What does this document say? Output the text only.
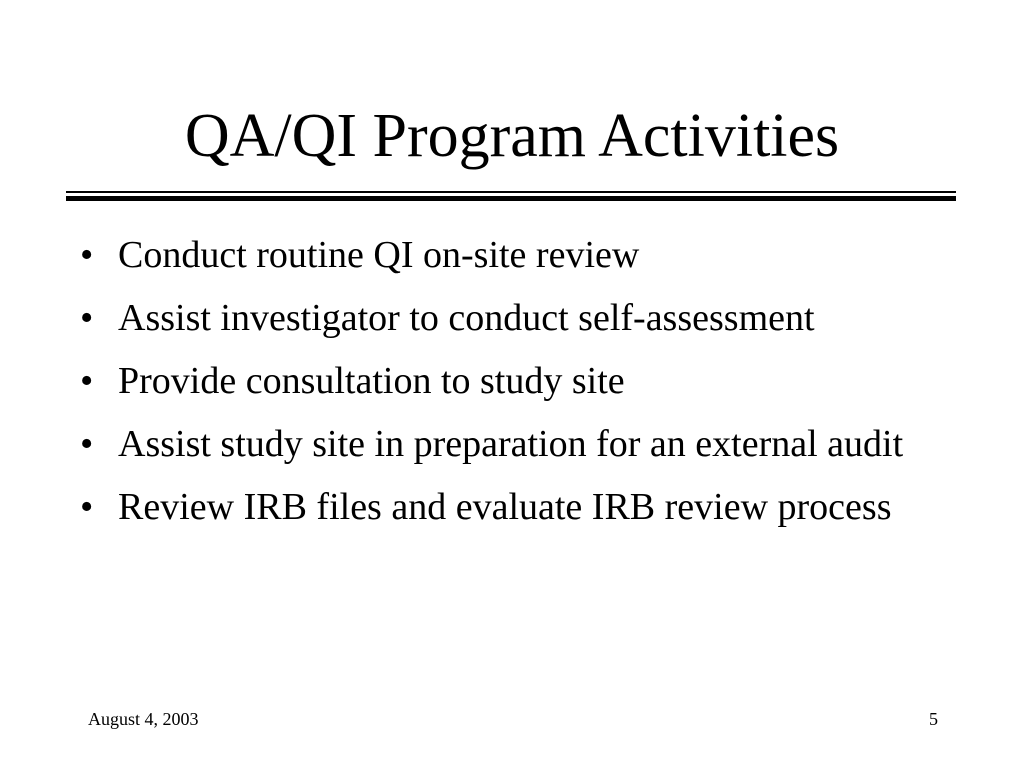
QA/QI Program Activities
• Conduct routine QI on-site review
• Assist investigator to conduct self-assessment
• Provide consultation to study site
• Assist study site in preparation for an external audit
• Review IRB files and evaluate IRB review process
August 4, 2003	5
